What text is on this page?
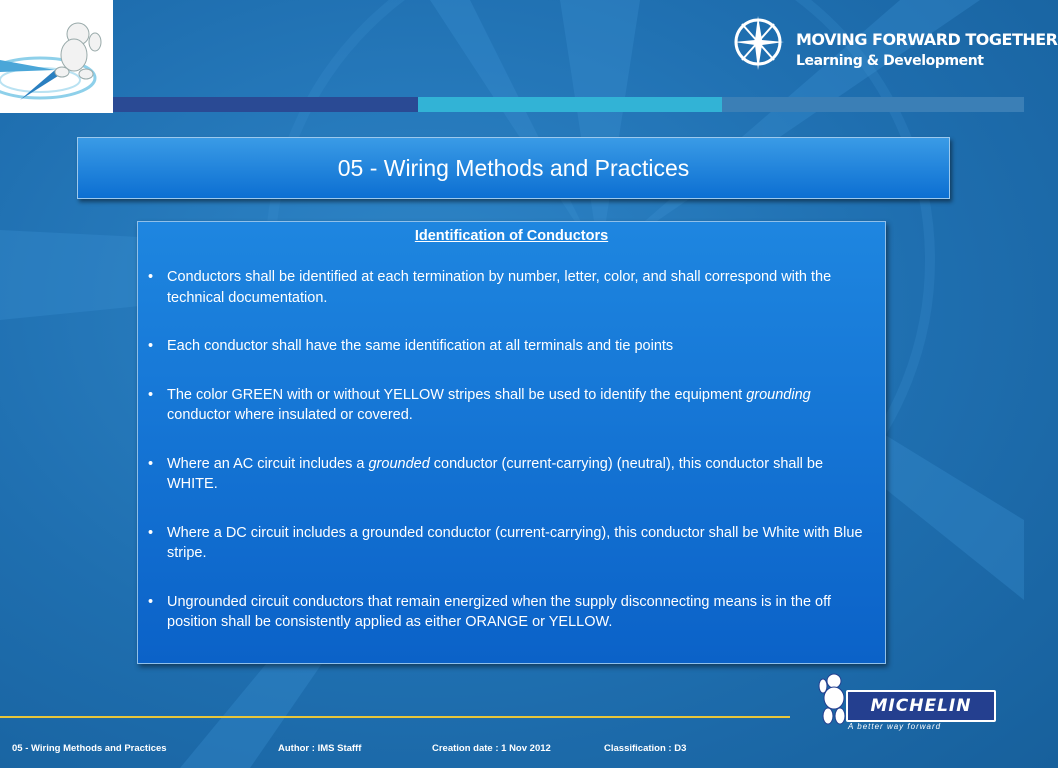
MOVING FORWARD TOGETHER
Learning & Development
05 - Wiring Methods and Practices
Identification of Conductors
• Conductors shall be identified at each termination by number, letter, color, and shall correspond with the technical documentation.
• Each conductor shall have the same identification at all terminals and tie points
• The color GREEN with or without YELLOW stripes shall be used to identify the equipment grounding conductor where insulated or covered.
• Where an AC circuit includes a grounded conductor (current-carrying) (neutral), this conductor shall be WHITE.
• Where a DC circuit includes a grounded conductor (current-carrying), this conductor shall be White with Blue stripe.
• Ungrounded circuit conductors that remain energized when the supply disconnecting means is in the off position shall be consistently applied as either ORANGE or YELLOW.
05 - Wiring Methods and Practices	Author : IMS Stafff	Creation date : 1 Nov 2012	Classification : D3
MICHELIN
A better way forward
